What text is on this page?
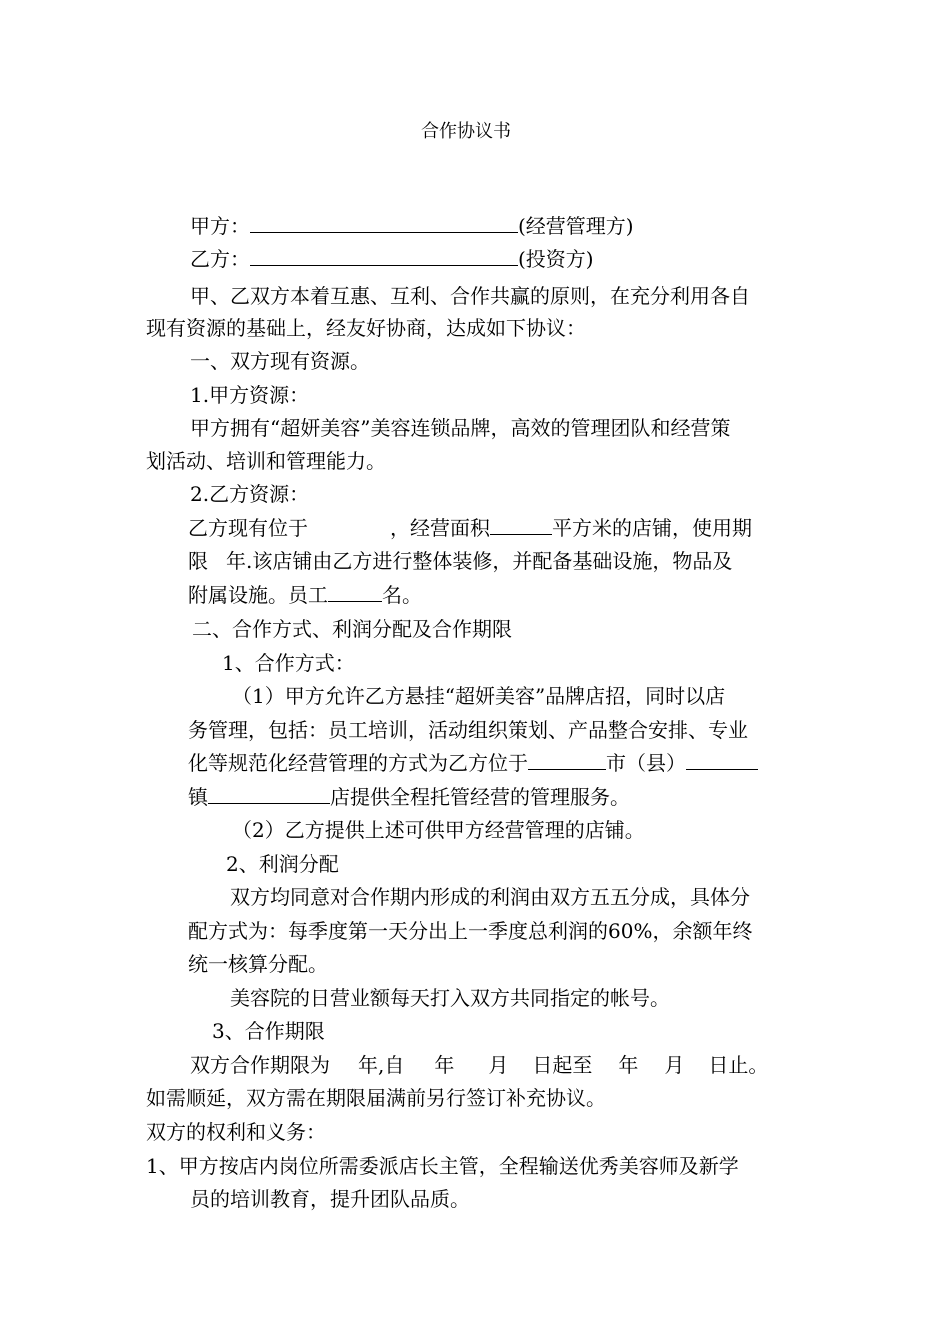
合作协议书
甲方：	(经营管理方)
乙方：	(投资方)
甲、乙双方本着互惠、互利、合作共赢的原则，在充分利用各自
现有资源的基础上，经友好协商，达成如下协议：
一、双方现有资源。
1.甲方资源：
甲方拥有“超妍美容”美容连锁品牌，高效的管理团队和经营策
划活动、培训和管理能力。
2.乙方资源：
乙方现有位于	，经营面积	平方米的店铺，使用期
限 年.该店铺由乙方进行整体装修，并配备基础设施，物品及
附属设施。员工	名。
二、合作方式、利润分配及合作期限
1、合作方式：
（1）甲方允许乙方悬挂“超妍美容”品牌店招，同时以店
务管理，包括：员工培训，活动组织策划、产品整合安排、专业
化等规范化经营管理的方式为乙方位于	市（县）
镇	店提供全程托管经营的管理服务。
（2）乙方提供上述可供甲方经营管理的店铺。
2、利润分配
双方均同意对合作期内形成的利润由双方五五分成，具体分
配方式为：每季度第一天分出上一季度总利润的60%，余额年终
统一核算分配。
美容院的日营业额每天打入双方共同指定的帐号。
3、合作期限
双方合作期限为 年,自 年 月 日起至 年 月 日止。
如需顺延，双方需在期限届满前另行签订补充协议。
双方的权利和义务：
1、甲方按店内岗位所需委派店长主管，全程输送优秀美容师及新学
员的培训教育，提升团队品质。
